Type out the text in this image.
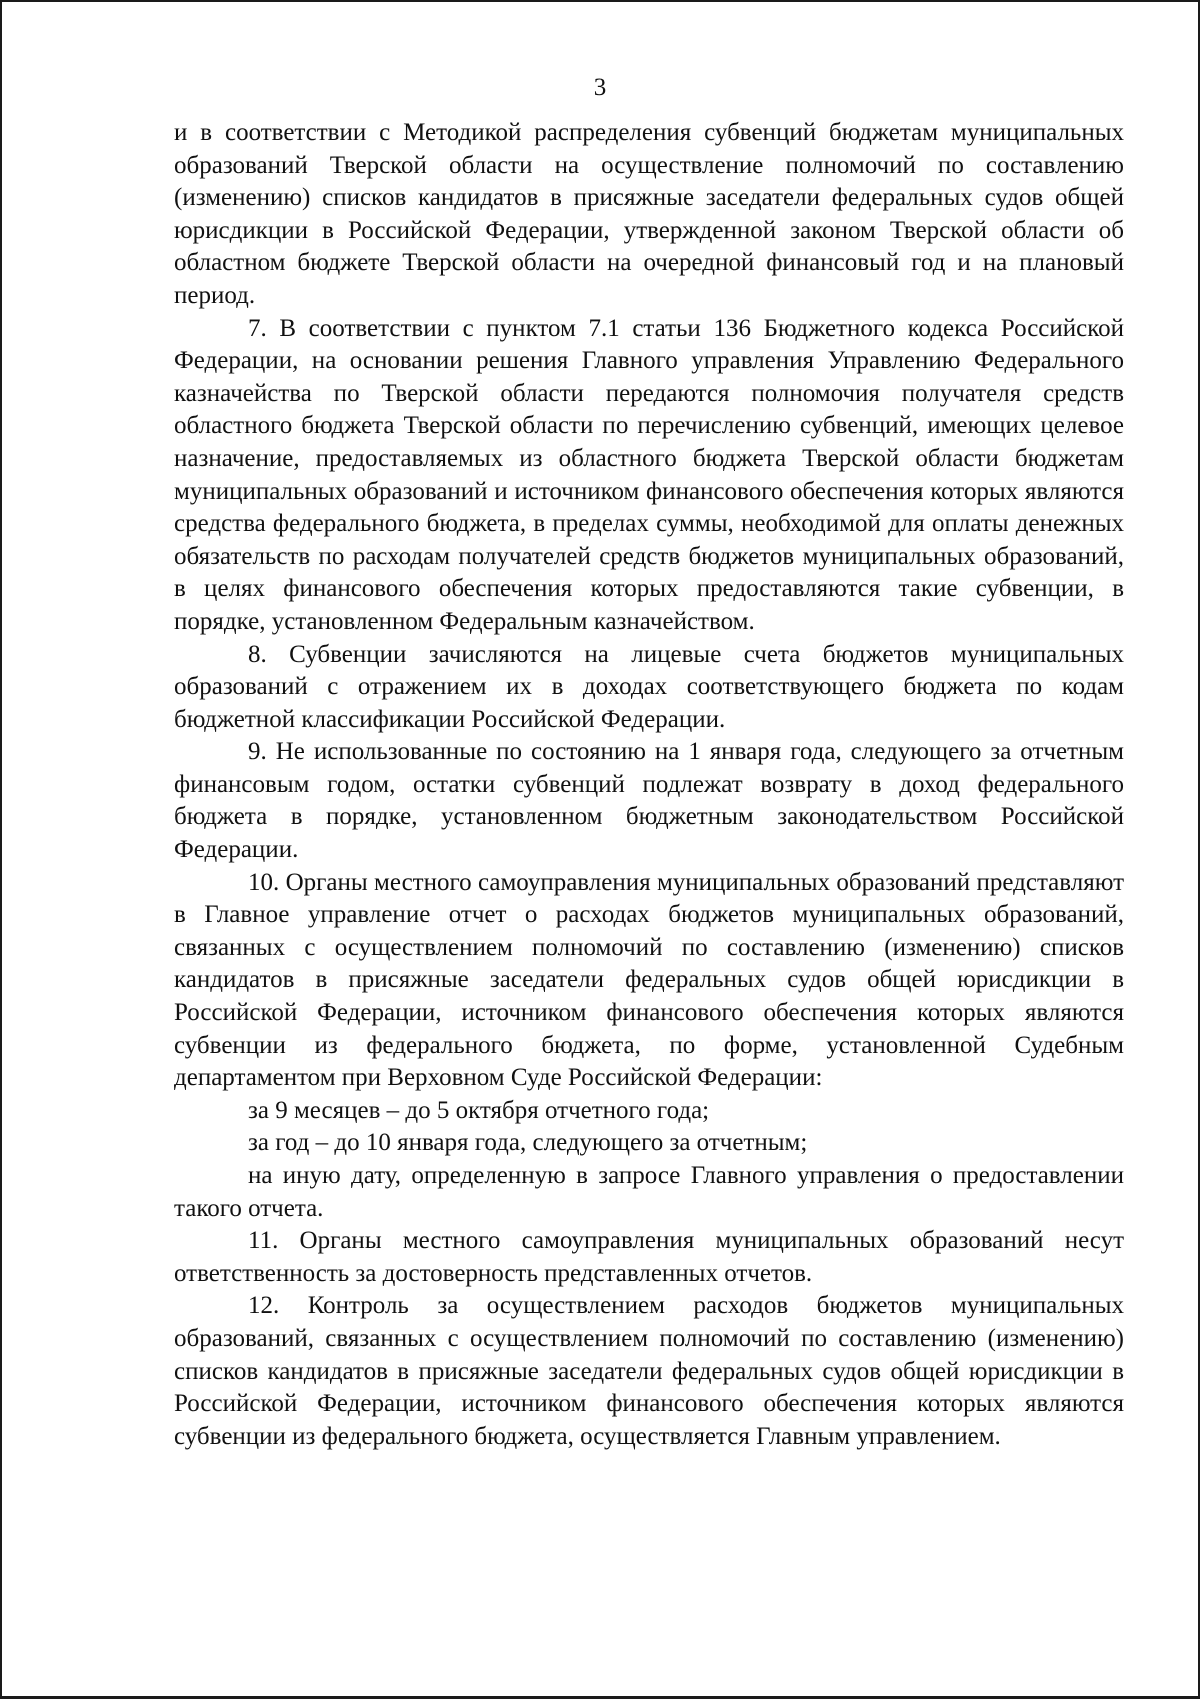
3

и в соответствии с Методикой распределения субвенций бюджетам муниципальных образований Тверской области на осуществление полномочий по составлению (изменению) списков кандидатов в присяжные заседатели федеральных судов общей юрисдикции в Российской Федерации, утвержденной законом Тверской области об областном бюджете Тверской области на очередной финансовый год и на плановый период.

7. В соответствии с пунктом 7.1 статьи 136 Бюджетного кодекса Российской Федерации, на основании решения Главного управления Управлению Федерального казначейства по Тверской области передаются полномочия получателя средств областного бюджета Тверской области по перечислению субвенций, имеющих целевое назначение, предоставляемых из областного бюджета Тверской области бюджетам муниципальных образований и источником финансового обеспечения которых являются средства федерального бюджета, в пределах суммы, необходимой для оплаты денежных обязательств по расходам получателей средств бюджетов муниципальных образований, в целях финансового обеспечения которых предоставляются такие субвенции, в порядке, установленном Федеральным казначейством.

8. Субвенции зачисляются на лицевые счета бюджетов муниципальных образований с отражением их в доходах соответствующего бюджета по кодам бюджетной классификации Российской Федерации.

9. Не использованные по состоянию на 1 января года, следующего за отчетным финансовым годом, остатки субвенций подлежат возврату в доход федерального бюджета в порядке, установленном бюджетным законодательством Российской Федерации.

10. Органы местного самоуправления муниципальных образований представляют в Главное управление отчет о расходах бюджетов муниципальных образований, связанных с осуществлением полномочий по составлению (изменению) списков кандидатов в присяжные заседатели федеральных судов общей юрисдикции в Российской Федерации, источником финансового обеспечения которых являются субвенции из федерального бюджета, по форме, установленной Судебным департаментом при Верховном Суде Российской Федерации:

за 9 месяцев – до 5 октября отчетного года;

за год – до 10 января года, следующего за отчетным;

на иную дату, определенную в запросе Главного управления о предоставлении такого отчета.

11. Органы местного самоуправления муниципальных образований несут ответственность за достоверность представленных отчетов.

12. Контроль за осуществлением расходов бюджетов муниципальных образований, связанных с осуществлением полномочий по составлению (изменению) списков кандидатов в присяжные заседатели федеральных судов общей юрисдикции в Российской Федерации, источником финансового обеспечения которых являются субвенции из федерального бюджета, осуществляется Главным управлением.
